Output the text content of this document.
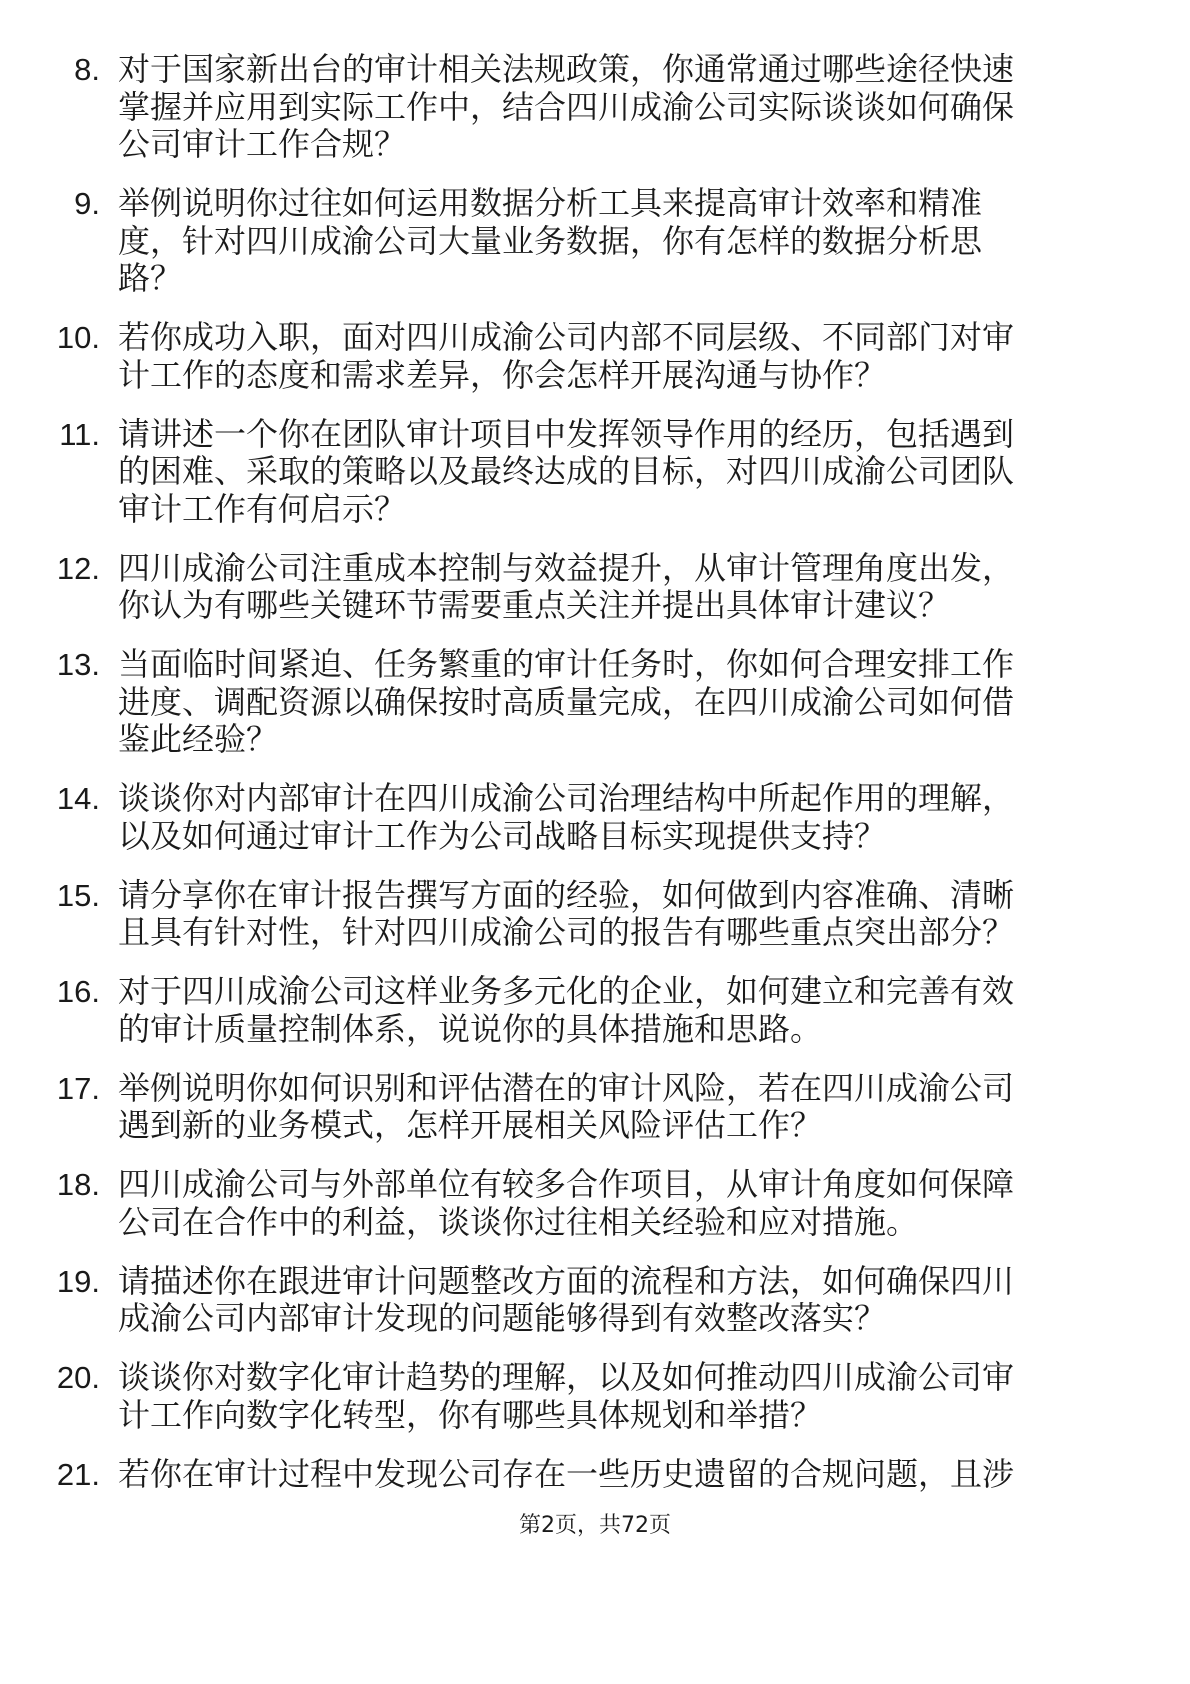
8. 对于国家新出台的审计相关法规政策，你通常通过哪些途径快速
掌握并应用到实际工作中，结合四川成渝公司实际谈谈如何确保
公司审计工作合规？
9. 举例说明你过往如何运用数据分析工具来提高审计效率和精准
度，针对四川成渝公司大量业务数据，你有怎样的数据分析思
路？
10. 若你成功入职，面对四川成渝公司内部不同层级、不同部门对审
计工作的态度和需求差异，你会怎样开展沟通与协作？
11. 请讲述一个你在团队审计项目中发挥领导作用的经历，包括遇到
的困难、采取的策略以及最终达成的目标，对四川成渝公司团队
审计工作有何启示？
12. 四川成渝公司注重成本控制与效益提升，从审计管理角度出发，
你认为有哪些关键环节需要重点关注并提出具体审计建议？
13. 当面临时间紧迫、任务繁重的审计任务时，你如何合理安排工作
进度、调配资源以确保按时高质量完成，在四川成渝公司如何借
鉴此经验？
14. 谈谈你对内部审计在四川成渝公司治理结构中所起作用的理解，
以及如何通过审计工作为公司战略目标实现提供支持？
15. 请分享你在审计报告撰写方面的经验，如何做到内容准确、清晰
且具有针对性，针对四川成渝公司的报告有哪些重点突出部分？
16. 对于四川成渝公司这样业务多元化的企业，如何建立和完善有效
的审计质量控制体系，说说你的具体措施和思路。
17. 举例说明你如何识别和评估潜在的审计风险，若在四川成渝公司
遇到新的业务模式，怎样开展相关风险评估工作？
18. 四川成渝公司与外部单位有较多合作项目，从审计角度如何保障
公司在合作中的利益，谈谈你过往相关经验和应对措施。
19. 请描述你在跟进审计问题整改方面的流程和方法，如何确保四川
成渝公司内部审计发现的问题能够得到有效整改落实？
20. 谈谈你对数字化审计趋势的理解，以及如何推动四川成渝公司审
计工作向数字化转型，你有哪些具体规划和举措？
21. 若你在审计过程中发现公司存在一些历史遗留的合规问题，且涉
第2页，共72页
